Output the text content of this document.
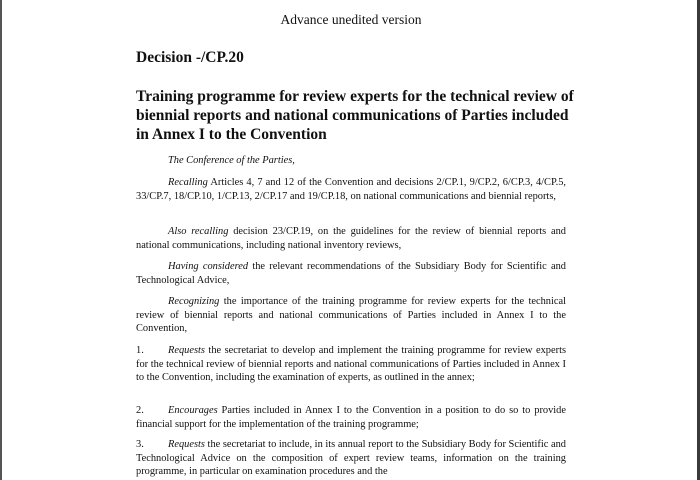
Advance unedited version
Decision -/CP.20
Training programme for review experts for the technical review of biennial reports and national communications of Parties included in Annex I to the Convention
The Conference of the Parties,
Recalling Articles 4, 7 and 12 of the Convention and decisions 2/CP.1, 9/CP.2, 6/CP.3, 4/CP.5, 33/CP.7, 18/CP.10, 1/CP.13, 2/CP.17 and 19/CP.18, on national communications and biennial reports,
Also recalling decision 23/CP.19, on the guidelines for the review of biennial reports and national communications, including national inventory reviews,
Having considered the relevant recommendations of the Subsidiary Body for Scientific and Technological Advice,
Recognizing the importance of the training programme for review experts for the technical review of biennial reports and national communications of Parties included in Annex I to the Convention,
1. Requests the secretariat to develop and implement the training programme for review experts for the technical review of biennial reports and national communications of Parties included in Annex I to the Convention, including the examination of experts, as outlined in the annex;
2. Encourages Parties included in Annex I to the Convention in a position to do so to provide financial support for the implementation of the training programme;
3. Requests the secretariat to include, in its annual report to the Subsidiary Body for Scientific and Technological Advice on the composition of expert review teams, information on the training programme, in particular on examination procedures and the
